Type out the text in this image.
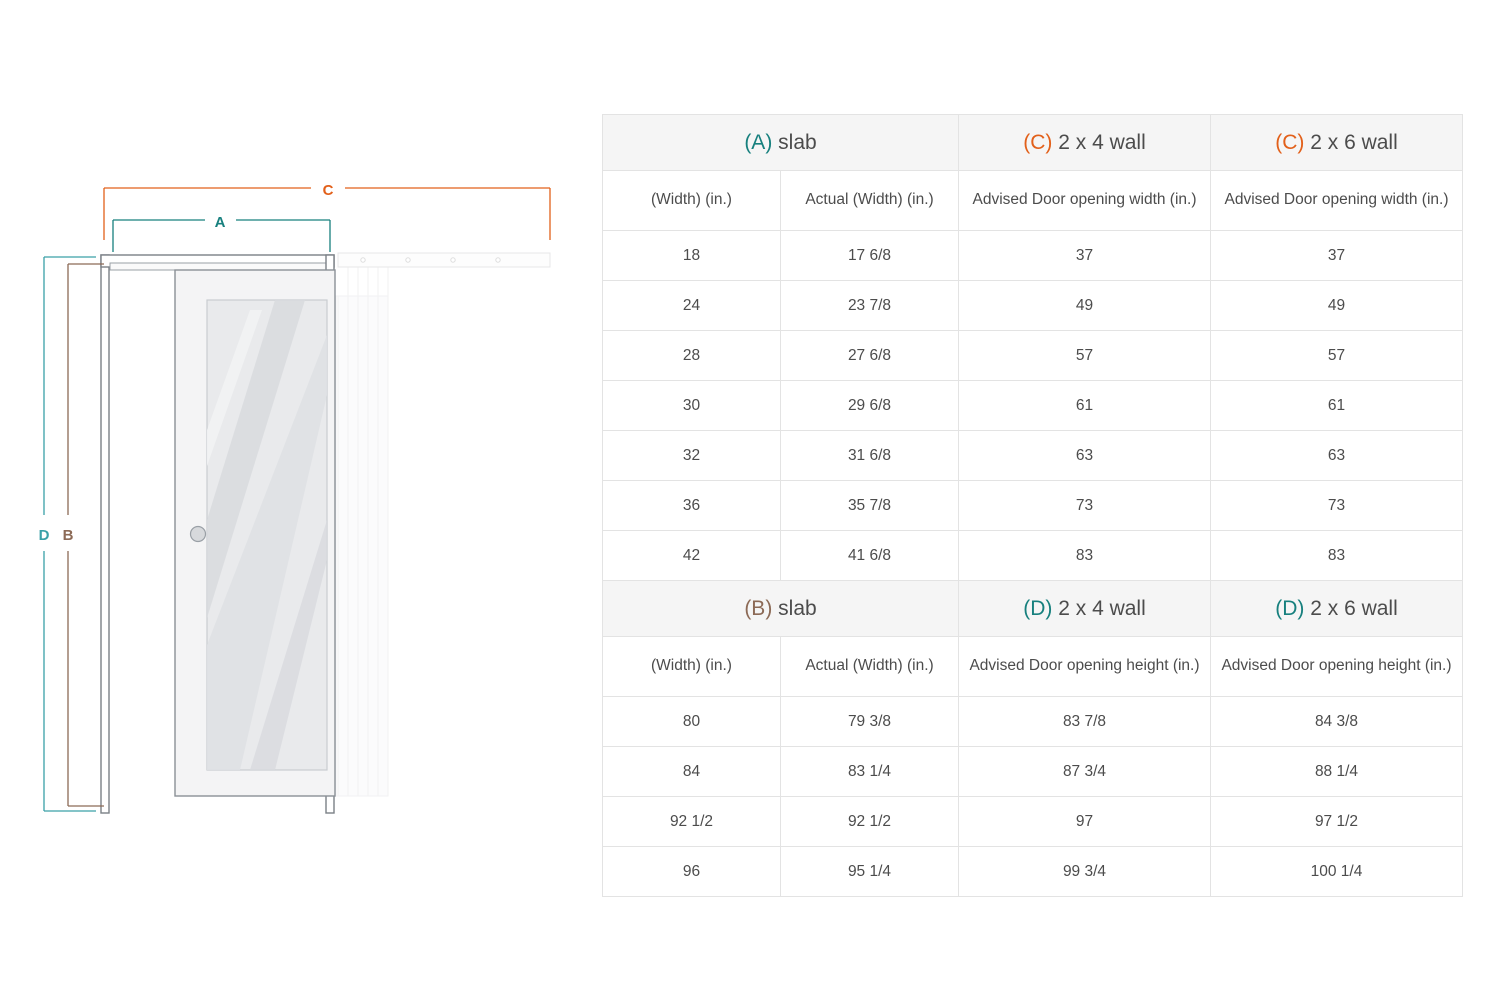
C
A
D B
(A) slab		(C) 2 x 4 wall	(C) 2 x 6 wall
(Width) (in.)	Actual (Width) (in.)	Advised Door opening width (in.)	Advised Door opening width (in.)
18	17 6/8	37	37
24	23 7/8	49	49
28	27 6/8	57	57
30	29 6/8	61	61
32	31 6/8	63	63
36	35 7/8	73	73
42	41 6/8	83	83
(B) slab		(D) 2 x 4 wall	(D) 2 x 6 wall
(Width) (in.)	Actual (Width) (in.)	Advised Door opening height (in.)	Advised Door opening height (in.)
80	79 3/8	83 7/8	84 3/8
84	83 1/4	87 3/4	88 1/4
92 1/2	92 1/2	97	97 1/2
96	95 1/4	99 3/4	100 1/4
